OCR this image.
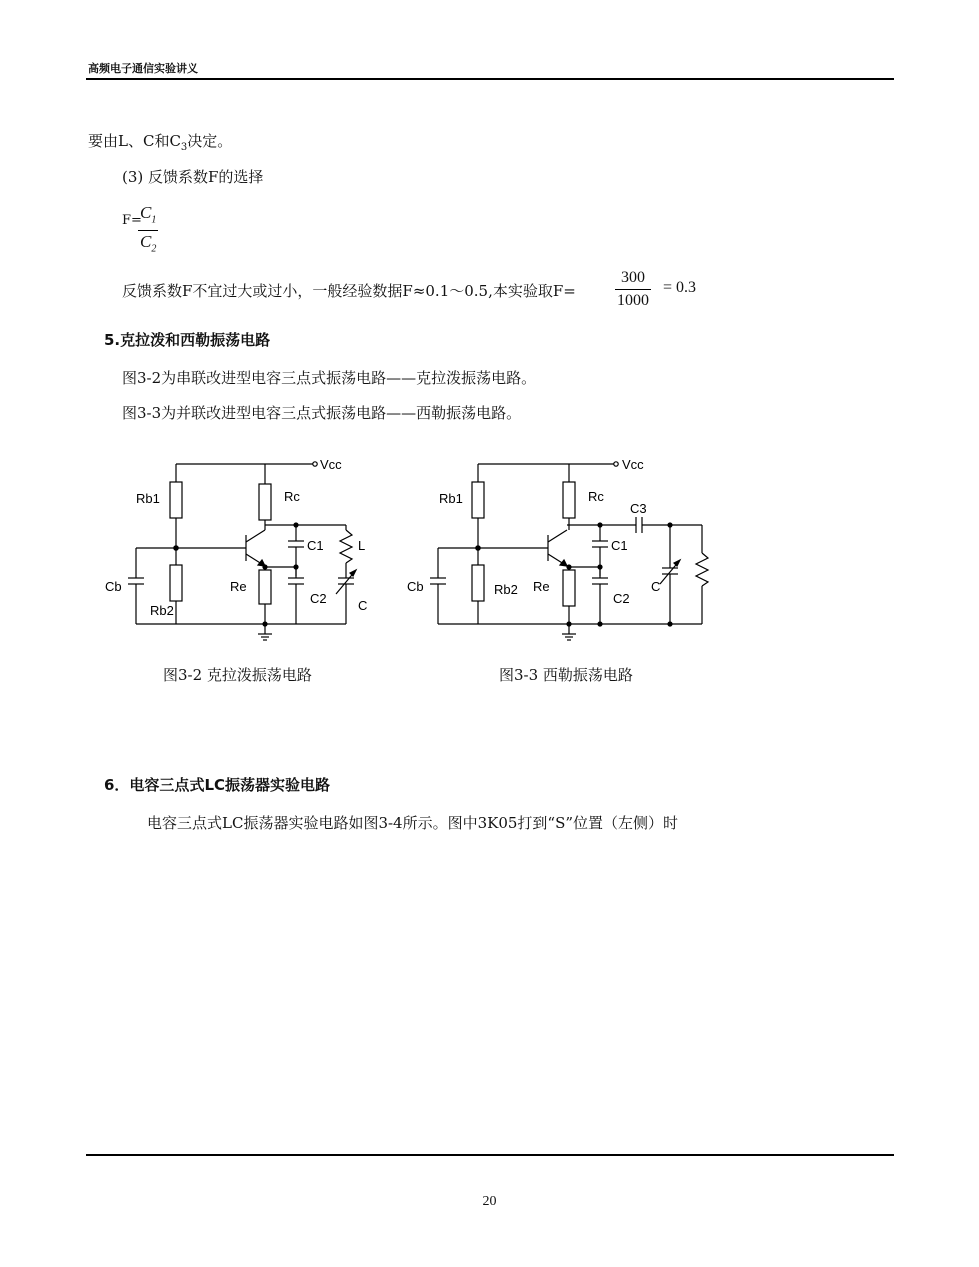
高频电子通信实验讲义
要由L、C和$C_3$决定。
(3) 反馈系数F的选择
F=
$\frac{C_1}{C_2}$
反馈系数F不宜过大或过小，一般经验数据F≈0.1～0.5,本实验取$F= \frac{300}{1000} = 0.3$
5.克拉泼和西勒振荡电路
图3-2为串联改进型电容三点式振荡电路——克拉泼振荡电路。
图3-3为并联改进型电容三点式振荡电路——西勒振荡电路。
Vcc
Rb1	Rc
C1
Re
C2
L
C
Cb
Rb2
Vcc
Rb1	Rc
C3
C1
Re
C2
C
Cb	Rb2
图3-2 克拉泼振荡电路	图3-3 西勒振荡电路
6．电容三点式LC振荡器实验电路
电容三点式LC振荡器实验电路如图3-4所示。图中3K05打到“S”位置（左侧）时
20
